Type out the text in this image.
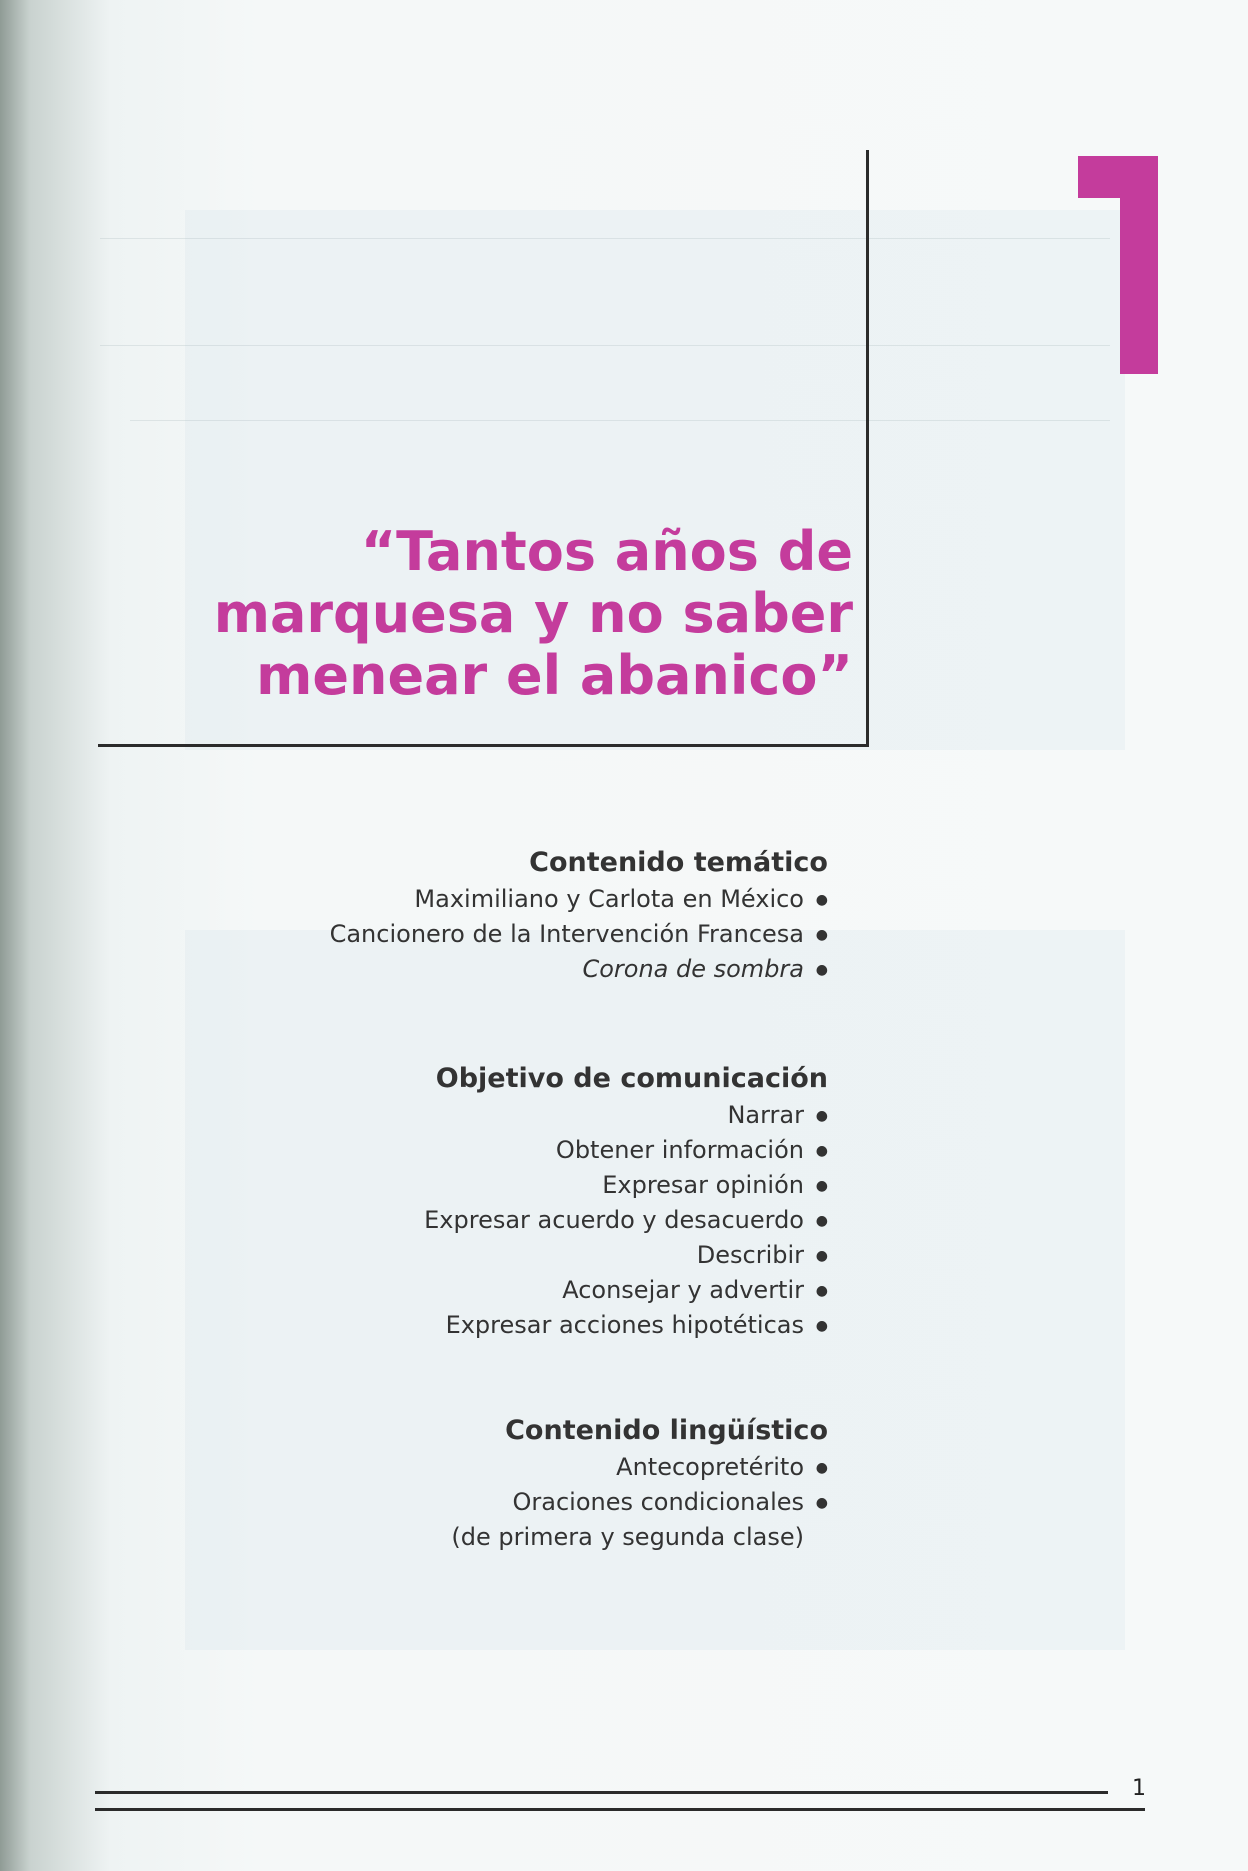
“Tantos años de
marquesa y no saber
menear el abanico”
Contenido temático
Maximiliano y Carlota en México ●
Cancionero de la Intervención Francesa ●
Corona de sombra ●
Objetivo de comunicación
Narrar ●
Obtener información ●
Expresar opinión ●
Expresar acuerdo y desacuerdo ●
Describir ●
Aconsejar y advertir ●
Expresar acciones hipotéticas ●
Contenido lingüístico
Antecopretérito ●
Oraciones condicionales ●
(de primera y segunda clase)
1
